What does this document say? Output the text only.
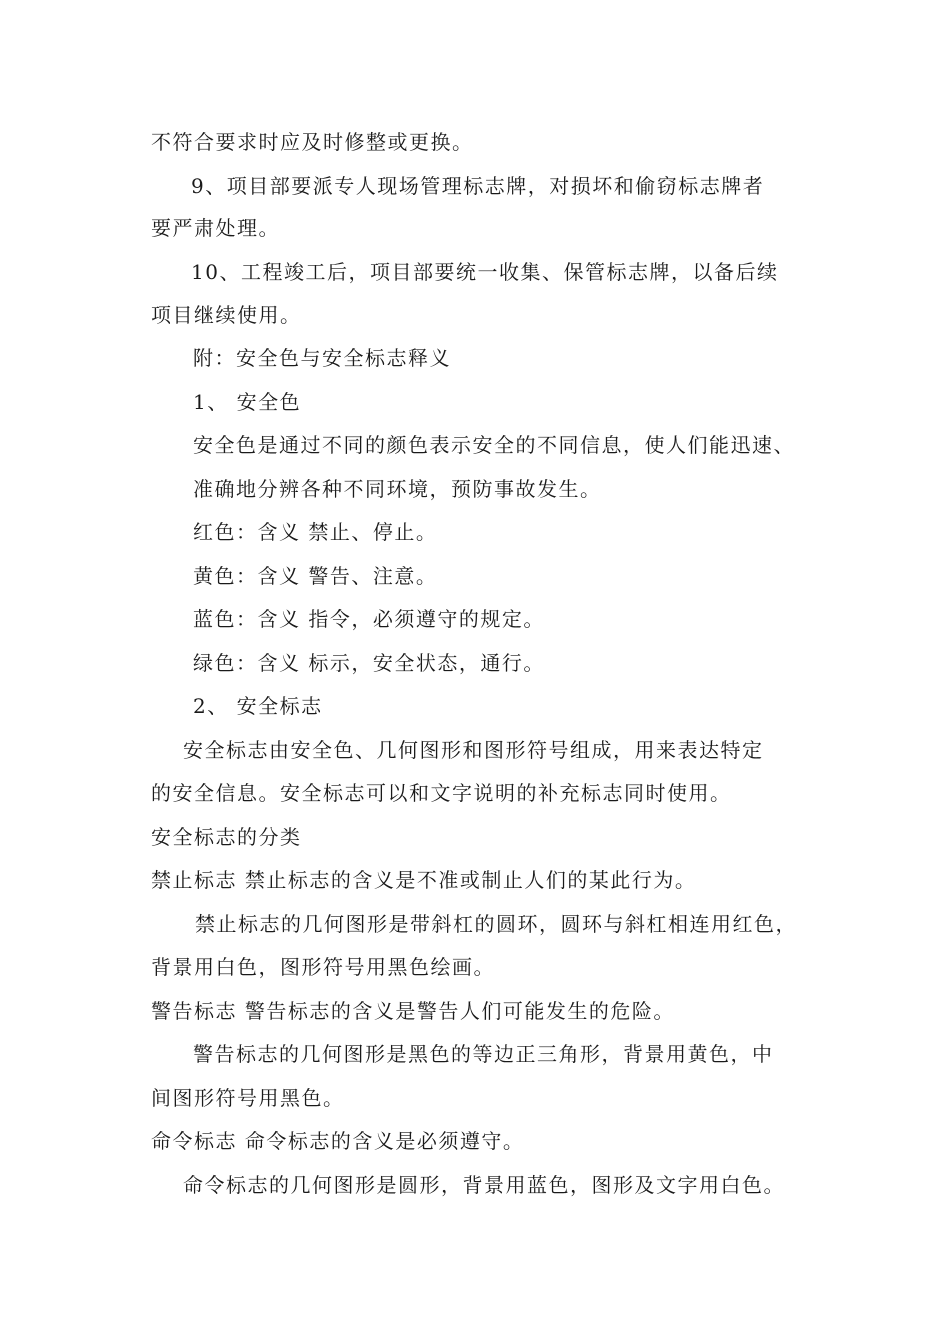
不符合要求时应及时修整或更换。
9、项目部要派专人现场管理标志牌，对损坏和偷窃标志牌者
要严肃处理。
10、工程竣工后，项目部要统一收集、保管标志牌，以备后续
项目继续使用。
附：安全色与安全标志释义
1、 安全色
安全色是通过不同的颜色表示安全的不同信息，使人们能迅速、
准确地分辨各种不同环境，预防事故发生。
红色：含义 禁止、停止。
黄色：含义 警告、注意。
蓝色：含义 指令，必须遵守的规定。
绿色：含义 标示，安全状态，通行。
2、 安全标志
安全标志由安全色、几何图形和图形符号组成，用来表达特定
的安全信息。安全标志可以和文字说明的补充标志同时使用。
安全标志的分类
禁止标志 禁止标志的含义是不准或制止人们的某此行为。
禁止标志的几何图形是带斜杠的圆环，圆环与斜杠相连用红色，
背景用白色，图形符号用黑色绘画。
警告标志 警告标志的含义是警告人们可能发生的危险。
警告标志的几何图形是黑色的等边正三角形，背景用黄色，中
间图形符号用黑色。
命令标志 命令标志的含义是必须遵守。
命令标志的几何图形是圆形，背景用蓝色，图形及文字用白色。
